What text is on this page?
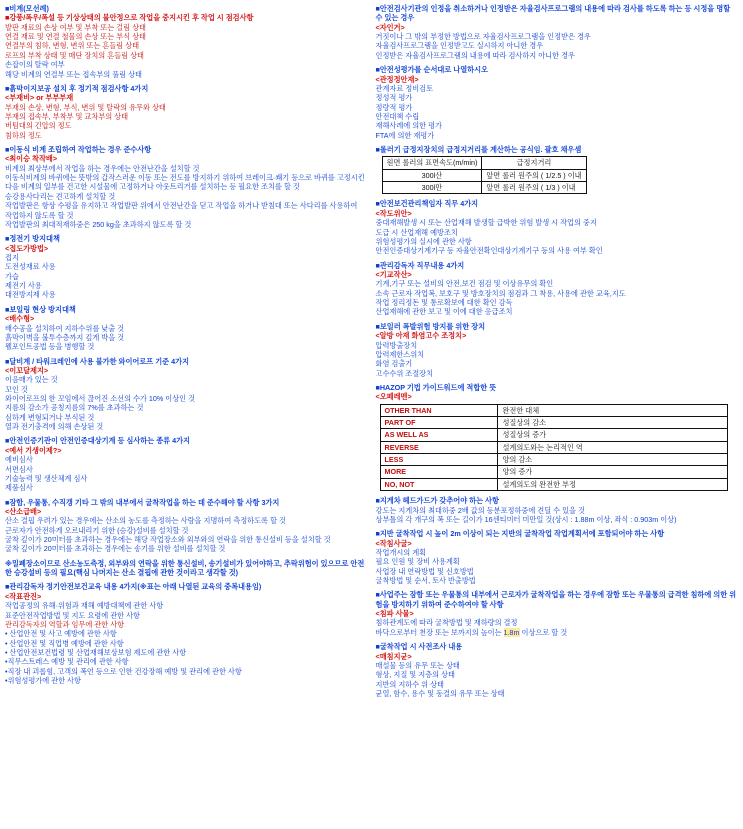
■비계(모선례)
■강풍/폭우/폭설 등 기상상태의 불안정으로 작업을 중지시킨 후 작업 시 점검사항
발판 재료의 손상 여부 및 부착 또는 걸림 상태
연결 재료 및 연결 철물의 손상 또는 부식 상태
연결부의 침하, 변형, 변위 또는 흔들림 상태
로프의 부착 상태 및 매단 장치의 흔들림 상태
손잡이의 탈락 여부
해당 비계의 연결부 또는 접속부의 풀림 상태
■흙막이지보공 설치 후 정기적 점검사항 4가지
<부재비> or 부부부재
부재의 손상, 변형, 부식, 변위 및 탈락의 유무와 상태
부재의 접속부, 부착부 및 교차부의 상태
버팀대의 긴압의 정도
침하의 정도
■이동식 비계 조립하여 작업하는 경우 준수사항
<최이승 착작배>
비계의 최상부에서 작업을 하는 경우에는 안전난간을 설치할 것
이동식비계의 바퀴에는 뜻밖의 갑작스러운 이동 또는 전도를 방지하기 위하여 브레이크·쐐기 등으로 바퀴를 고정시킨 다음 비계의 일부를 건고한 시설물에 고정하거나 아웃트리거를 설치하는 등 필요한 조치를 할 것
승강용사다리는 견고하게 설치할 것
작업발판은 항상 수평을 유지하고 작업발판 위에서 안전난간을 딛고 작업을 하거나 받침대 또는 사다리를 사용하여 작업하지 않도록 할 것
작업발판의 최대적재하중은 250 kg을 초과하지 않도록 할 것
■정전기 방지대책
<접도가방법>
접지
도전성재료 사용
가습
제전기 사용
대전방지제 사용
■보일링 현상 방지대책
<배수형>
배수공을 설치하여 지하수위를 낮출 것
흙막이벽을 불투수층까지 깊게 박을 것
웰포인트공법 등을 병행할 것
■달비계 / 타워크레인에 사용 불가한 와이어로프 기준 4가지
<이꼬달제지>
이음매가 있는 것
꼬인 것
와이어로프의 한 꼬임에서 끊어진 소선의 수가 10% 이상인 것
지름의 감소가 공칭지름의 7%를 초과하는 것
심하게 변형되거나 부식된 것
열과 전기충격에 의해 손상된 것
■안전인증기관이 안전인증대상기계 등 심사하는 종류 4가지
<예서 기생이제?>
예비심사
서면심사
기술능력 및 생산체계 심사
제품심사
■잠함, 우물통, 수직갱 기타 그 밖의 내부에서 굴착작업을 하는 데 준수해야 할 사항 3가지
<산소급배>
산소 결핍 우려가 있는 경우에는 산소의 농도를 측정하는 사람을 지명하여 측정하도록 할 것
근로자가 안전하게 오르내리기 위한 (승강)설비를 설치할 것
굴착 깊이가 20미터를 초과하는 경우에는 해당 작업장소와 외부와의 연락을 위한 통신설비 등을 설치할 것
굴착 깊이가 20미터를 초과하는 경우에는 송기를 위한 설비를 설치할 것
※밀폐장소이므로 산소농도측정, 외부와의 연락을 위한 통신설비, 송기설비가 있어야하고, 추락위험이 있으므로 안전한 승강설비 등의 필요(핵심 나머지는 산소 결핍에 관한 것이라고 생각할 것)
■관리감독자 정기안전보건교육 내용 4가지(※표는 아래 나열된 교육의 중복내용임)
<작표관진>
작업공정의 유해·위험과 재해 예방대책에 관한 사항
표준안전작업방법 및 지도 요령에 관한 사항
관리감독자의 역할과 임무에 관한 사항
• 산업안전 및 사고 예방에 관한 사항
• 산업안전 및 직업병 예방에 관한 사항
• 산업안전보건법령 및 산업재해보상보험 제도에 관한 사항
•직무스트레스 예방 및 관리에 관한 사항
•직장 내 괴롭힘, 고객의 폭언 등으로 인한 건강장해 예방 및 관리에 관한 사항
•위험성평가에 관한 사항
■안전검사기관의 인정을 취소하거나 인정받은 자율검사프로그램의 내용에 따라 검사를 하도록 하는 등 시정을 명할 수 있는 경우
<자인거>
거짓이나 그 밖의 부정한 방법으로 자율검사프로그램을 인정받은 경우
자율검사프로그램을 인정받고도 실시하지 아니한 경우
인정받은 자율검사프로그램의 내용에 따라 검사하지 아니한 경우
■안전성평가를 순서대로 나열하시오
<관정정안재>
관계자료 정비검토
정성적 평가
정량적 평가
안전대책 수립
재해사례에 의한 평가
FTA에 의한 재평가
■롤러기 급정지장치의 급정지거리를 계산하는 공식임. 괄호 채우셈
원면 롤러의 표면속도(m/min)	급정지거리
300l산	앞면 롤러 원주의 ( 1/2.5 ) 이내
300l만	앞면 롤러 원주의 ( 1/3 ) 이내
■안전보건관리책임자 직무 4가지
<작도위안>
중대재해발생 시 또는 산업재해 발생할 급박한 위험 발생 시 작업의 중지
도급 시 산업재해 예방조치
위험성평가의 실시에 관한 사항
안전인증대상기계기구 등 자율안전확인대상기계기구 등의 사용 여부 확인
■관리감독자 직무내용 4가지
<기교작산>
기계,기구 또는 설비의 안전,보건 점검 및 이상유무의 확인
소속 근로자 작업복, 보호구 및 방호장치의 점검과 그 착용, 사용에 관한 교육,지도
작업 정리정돈 및 통로확보에 대한 확인 감독
산업재해에 관한 보고 및 이에 대한 응급조치
■보일러 폭발위험 방지를 위한 장치
<알방 아재 화염고수 조정치>
압력방출장치
압력제한스위치
화염 검출기
고수수위 조절장치
■HAZOP 기법 가이드워드에 적합한 뜻
<오페레멘>
OTHER THAN	완전한 대체
PART OF	성질상의 감소
AS WELL AS	성질상의 증가
REVERSE	설계의도와는 논리적인 역
LESS	양의 감소
MORE	양의 증가
NO, NOT	설계의도의 완전한 부정
■지게차 헤드가드가 갖추어야 하는 사항
강도는 지게차의 최대하중 2배 값의 등분포정하중에 견딜 수 있을 것
상부틀의 각 개구의 폭 또는 길이가 16센티미터 미만일 것(상시 : 1.88m 이상, 좌식 : 0.903m 이상)
■지반 굴착작업 시 높이 2m 이상이 되는 지반의 굴착작업 작업계획서에 포함되어야 하는 사항
<작침사굴>
작업개시의 계획
필요 인원 및 장비 사용계획
사업장 내 연락방법 및 신호방법
굴착방법 및 순서, 토사 반출방법
■사업주는 잠함 또는 우물통의 내부에서 근로자가 굴착작업을 하는 경우에 잠함 또는 우물통의 급격한 침하에 의한 위험을 방지하기 위하여 준수하여야 할 사항
<침파 사물>
침하관계도에 따라 굴착방법 및 재하량의 결정
바닥으로부터 천장 또는 보까지의 높이는 1.8m 이상으로 할 것
■굴착작업 시 사전조사 내용
<매침지균>
매설물 등의 유무 또는 상태
형상, 지질 및 지층의 상태
지반의 지하수 위 상태
균열, 함수, 용수 및 동결의 유무 또는 상태
